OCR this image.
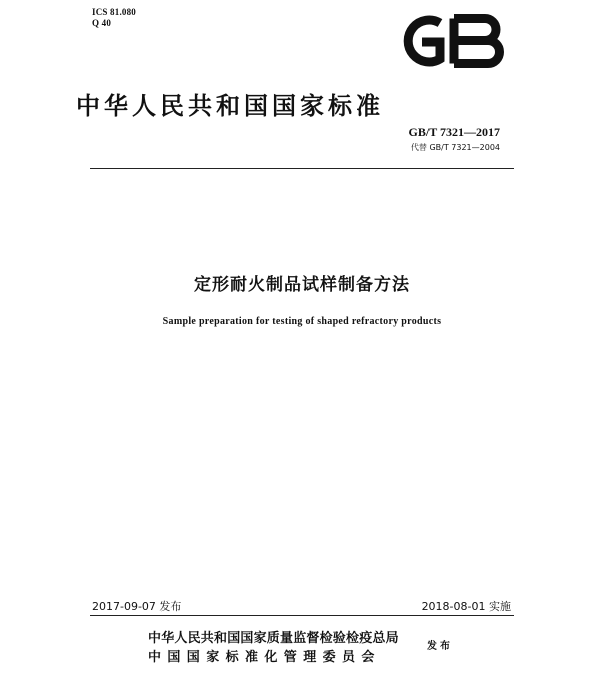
ICS 81.080
Q 40
中华人民共和国国家标准
GB/T 7321—2017
代替 GB/T 7321—2004
定形耐火制品试样制备方法
Sample preparation for testing of shaped refractory products
2017-09-07 发布	2018-08-01 实施
中华人民共和国国家质量监督检验检疫总局
中国国家标准化管理委员会
发布
